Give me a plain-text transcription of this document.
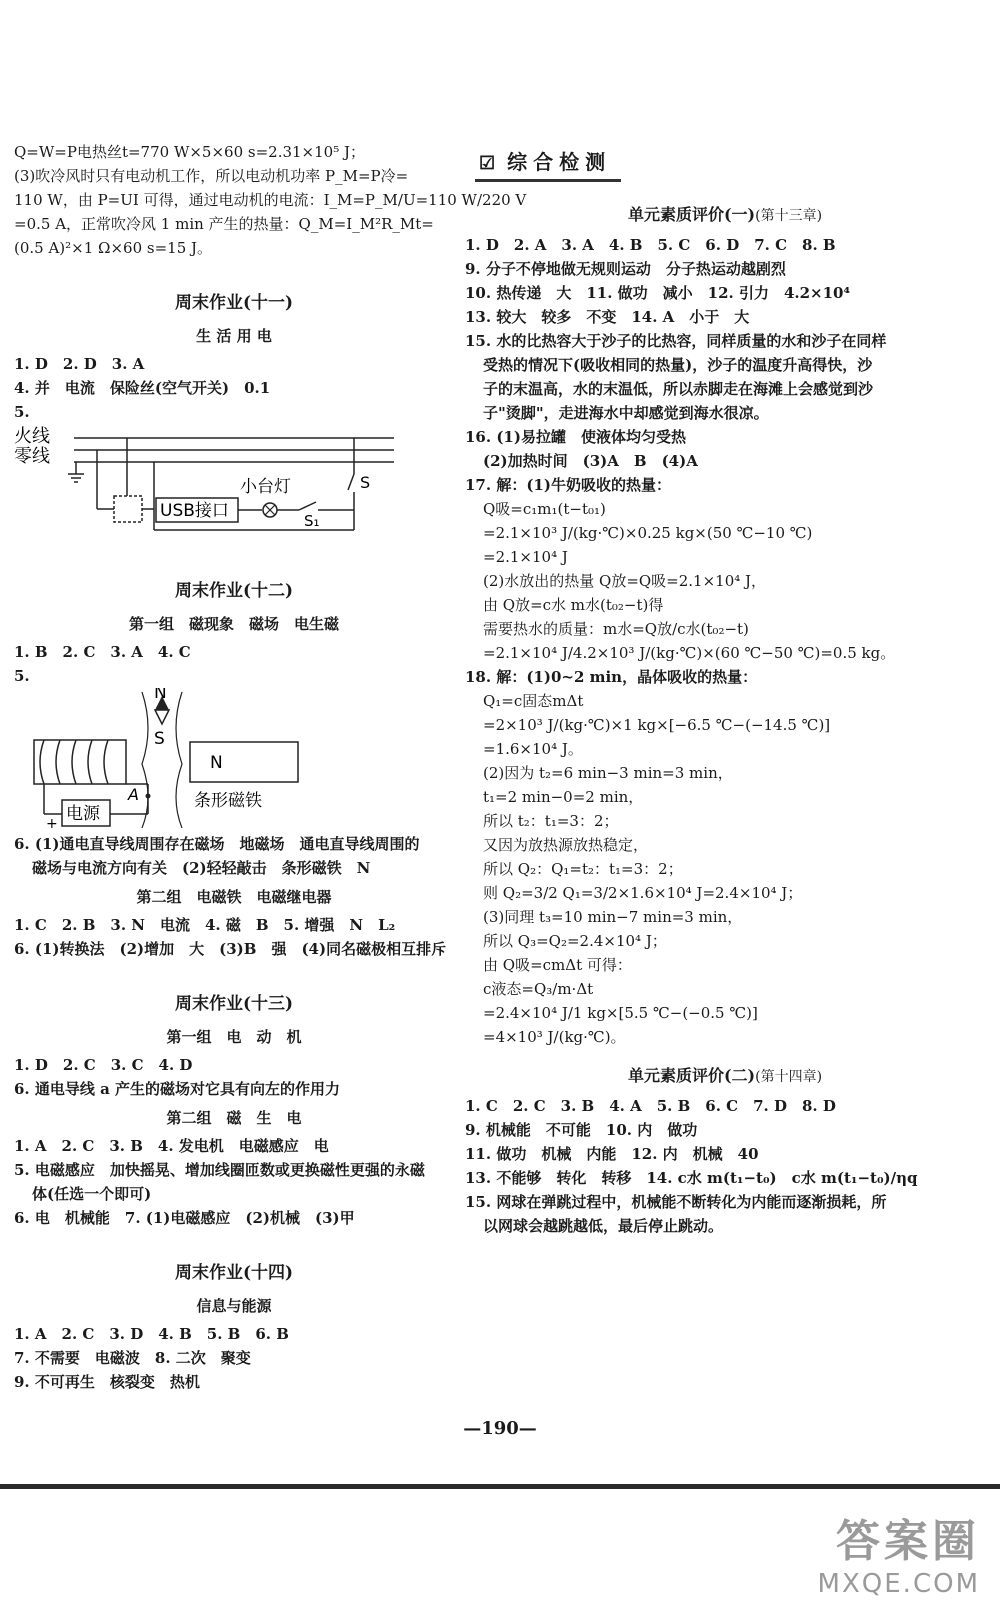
Q=W=P电热丝t=770 W×5×60 s=2.31×10⁵ J；
(3)吹冷风时只有电动机工作，所以电动机功率 P_M=P冷=
110 W，由 P=UI 可得，通过电动机的电流：I_M=P_M/U=110 W/220 V
=0.5 A，正常吹冷风 1 min 产生的热量：Q_M=I_M²R_Mt=
(0.5 A)²×1 Ω×60 s=15 J。
周末作业(十一)
生 活 用 电
1. D　2. D　3. A
4. 并　电流　保险丝(空气开关)　0.1
5.
火线
零线
USB接口
小台灯	S
S₁
周末作业(十二)
第一组　磁现象　磁场　电生磁
1. B　2. C　3. A　4. C
5.
N
S
N
条形磁铁
电源
A
+
6. (1)通电直导线周围存在磁场　地磁场　通电直导线周围的
磁场与电流方向有关　(2)轻轻敲击　条形磁铁　N
第二组　电磁铁　电磁继电器
1. C　2. B　3. N　电流　4. 磁　B　5. 增强　N　L₂
6. (1)转换法　(2)增加　大　(3)B　强　(4)同名磁极相互排斥
周末作业(十三)
第一组　电　动　机
1. D　2. C　3. C　4. D
6. 通电导线 a 产生的磁场对它具有向左的作用力
第二组　磁　生　电
1. A　2. C　3. B　4. 发电机　电磁感应　电
5. 电磁感应　加快摇晃、增加线圈匝数或更换磁性更强的永磁
体(任选一个即可)
6. 电　机械能　7. (1)电磁感应　(2)机械　(3)甲
周末作业(十四)
信息与能源
1. A　2. C　3. D　4. B　5. B　6. B
7. 不需要　电磁波　8. 二次　聚变
9. 不可再生　核裂变　热机
☑ 综合检测
单元素质评价(一)(第十三章)
1. D　2. A　3. A　4. B　5. C　6. D　7. C　8. B
9. 分子不停地做无规则运动　分子热运动越剧烈
10. 热传递　大　11. 做功　减小　12. 引力　4.2×10⁴
13. 较大　较多　不变　14. A　小于　大
15. 水的比热容大于沙子的比热容，同样质量的水和沙子在同样
受热的情况下(吸收相同的热量)，沙子的温度升高得快，沙
子的末温高，水的末温低，所以赤脚走在海滩上会感觉到沙
子"烫脚"，走进海水中却感觉到海水很凉。
16. (1)易拉罐　使液体均匀受热
(2)加热时间　(3)A　B　(4)A
17. 解：(1)牛奶吸收的热量：
Q吸=c₁m₁(t−t₀₁)
=2.1×10³ J/(kg·℃)×0.25 kg×(50 ℃−10 ℃)
=2.1×10⁴ J
(2)水放出的热量 Q放=Q吸=2.1×10⁴ J，
由 Q放=c水 m水(t₀₂−t)得
需要热水的质量：m水=Q放/c水(t₀₂−t)
=2.1×10⁴ J/4.2×10³ J/(kg·℃)×(60 ℃−50 ℃)=0.5 kg。
18. 解：(1)0~2 min，晶体吸收的热量：
Q₁=c固态mΔt
=2×10³ J/(kg·℃)×1 kg×[−6.5 ℃−(−14.5 ℃)]
=1.6×10⁴ J。
(2)因为 t₂=6 min−3 min=3 min，
t₁=2 min−0=2 min，
所以 t₂：t₁=3：2；
又因为放热源放热稳定，
所以 Q₂：Q₁=t₂：t₁=3：2；
则 Q₂=3/2 Q₁=3/2×1.6×10⁴ J=2.4×10⁴ J；
(3)同理 t₃=10 min−7 min=3 min，
所以 Q₃=Q₂=2.4×10⁴ J；
由 Q吸=cmΔt 可得：
c液态=Q₃/m·Δt
=2.4×10⁴ J/1 kg×[5.5 ℃−(−0.5 ℃)]
=4×10³ J/(kg·℃)。
单元素质评价(二)(第十四章)
1. C　2. C　3. B　4. A　5. B　6. C　7. D　8. D
9. 机械能　不可能　10. 内　做功
11. 做功　机械　内能　12. 内　机械　40
13. 不能够　转化　转移　14. c水 m(t₁−t₀)　c水 m(t₁−t₀)/ηq
15. 网球在弹跳过程中，机械能不断转化为内能而逐渐损耗，所
以网球会越跳越低，最后停止跳动。
—190—
答案圈
MXQE.COM
